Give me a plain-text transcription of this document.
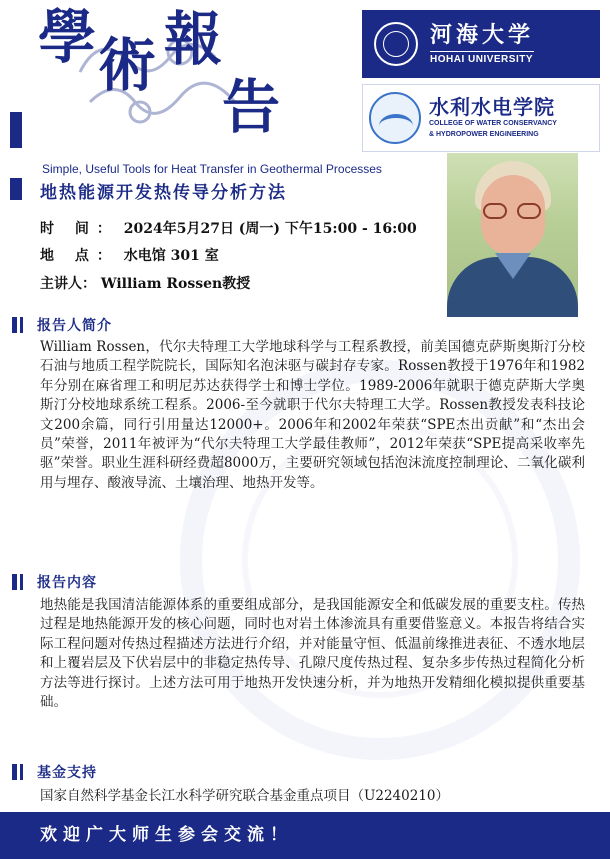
學 術 報
告
河海大学
HOHAI UNIVERSITY
水利水电学院
COLLEGE OF WATER CONSERVANCY
& HYDROPOWER ENGINEERING
Simple, Useful Tools for Heat Transfer in Geothermal Processes
地热能源开发热传导分析方法
时 间： 2024年5月27日 (周一) 下午15:00 - 16:00
地 点： 水电馆 301 室
主讲人： William Rossen教授
报告人简介
William Rossen，代尔夫特理工大学地球科学与工程系教授，前美国德克萨斯奥斯汀分校石油与地质工程学院院长，国际知名泡沫驱与碳封存专家。Rossen教授于1976年和1982年分别在麻省理工和明尼苏达获得学士和博士学位。1989-2006年就职于德克萨斯大学奥斯汀分校地球系统工程系。2006-至今就职于代尔夫特理工大学。Rossen教授发表科技论文200余篇，同行引用量达12000+。2006年和2002年荣获“SPE杰出贡献”和“杰出会员”荣誉，2011年被评为“代尔夫特理工大学最佳教师”，2012年荣获“SPE提高采收率先驱”荣誉。职业生涯科研经费超8000万，主要研究领域包括泡沫流度控制理论、二氧化碳利用与埋存、酸液导流、土壤治理、地热开发等。
报告内容
地热能是我国清洁能源体系的重要组成部分，是我国能源安全和低碳发展的重要支柱。传热过程是地热能源开发的核心问题，同时也对岩土体渗流具有重要借鉴意义。本报告将结合实际工程问题对传热过程描述方法进行介绍，并对能量守恒、低温前缘推进表征、不透水地层和上覆岩层及下伏岩层中的非稳定热传导、孔隙尺度传热过程、复杂多步传热过程简化分析方法等进行探讨。上述方法可用于地热开发快速分析，并为地热开发精细化模拟提供重要基础。
基金支持
国家自然科学基金长江水科学研究联合基金重点项目（U2240210）
欢迎广大师生参会交流！
